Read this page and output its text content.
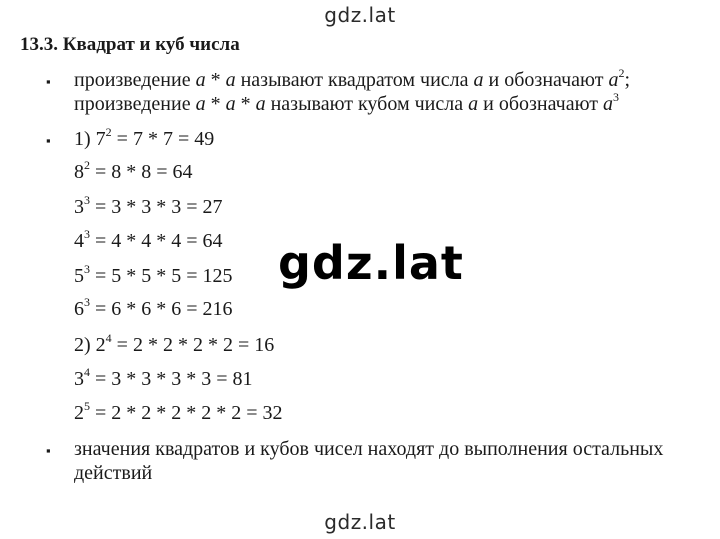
gdz.lat
13.3. Квадрат и куб числа
▪ произведение a * a называют квадратом числа a и обозначают $a^2$;
произведение a * a * a называют кубом числа a и обозначают $a^3$
▪ 1) $7^2 = 7 * 7 = 49$
$8^2 = 8 * 8 = 64$
$3^3 = 3 * 3 * 3 = 27$
$4^3 = 4 * 4 * 4 = 64$
$5^3 = 5 * 5 * 5 = 125$
$6^3 = 6 * 6 * 6 = 216$
2) $2^4 = 2 * 2 * 2 * 2 = 16$
$3^4 = 3 * 3 * 3 * 3 = 81$
$2^5 = 2 * 2 * 2 * 2 * 2 = 32$
▪ значения квадратов и кубов чисел находят до выполнения остальных
действий
gdz.lat
gdz.lat
